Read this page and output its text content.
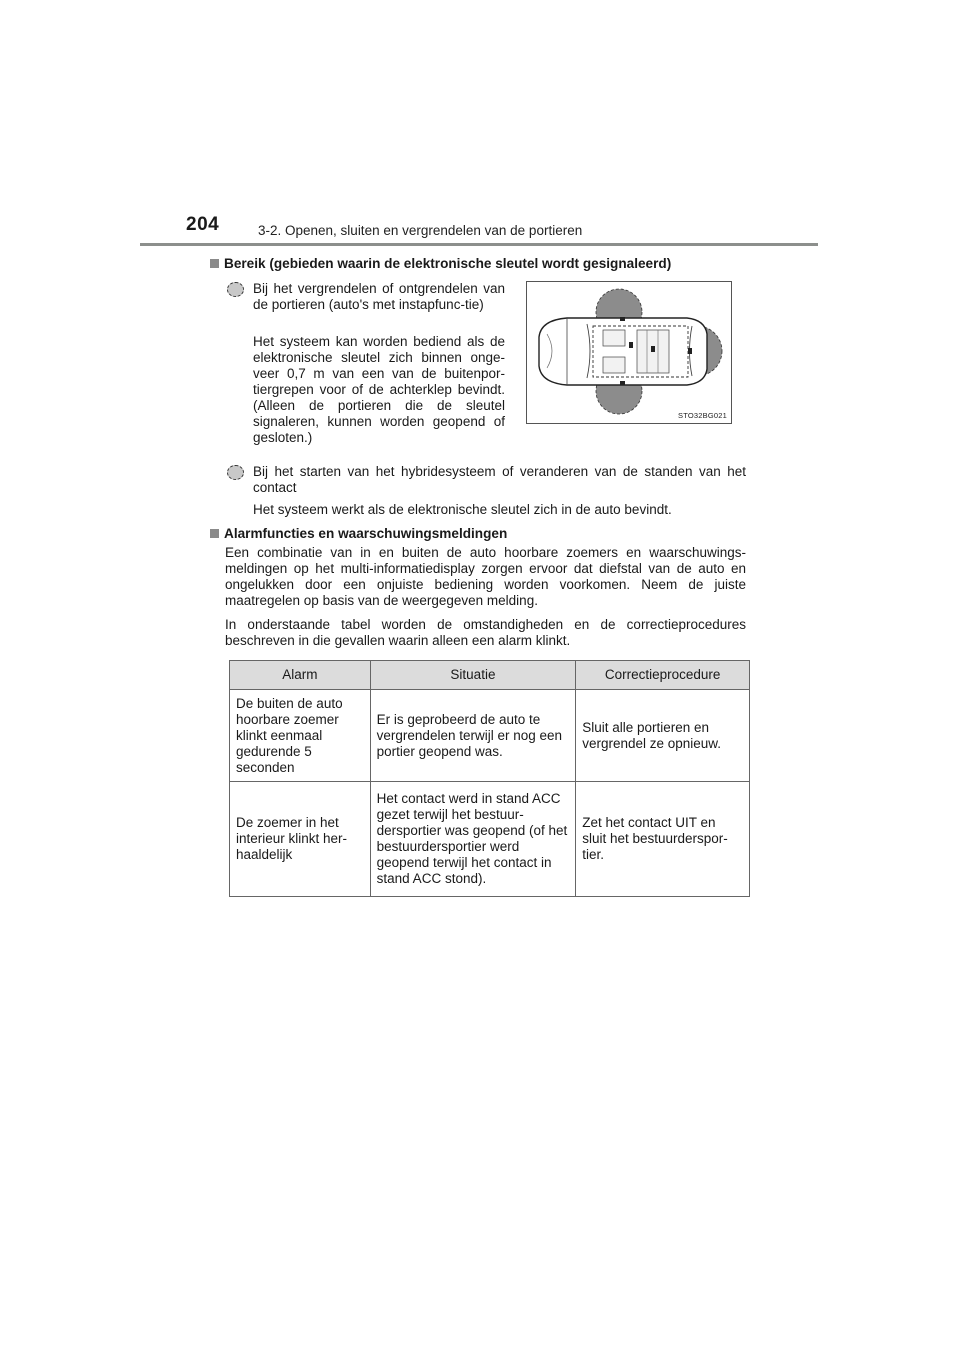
204	3-2. Openen, sluiten en vergrendelen van de portieren
Bereik (gebieden waarin de elektronische sleutel wordt gesignaleerd)

Bij het vergrendelen of ontgrendelen van de portieren (auto's met instapfunc-tie)

Het systeem kan worden bediend als de elektronische sleutel zich binnen onge-veer 0,7 m van een van de buitenpor-tiergrepen voor of de achterklep bevindt. (Alleen de portieren die de sleutel signaleren, kunnen worden geopend of gesloten.)

STO32BG021

Bij het starten van het hybridesysteem of veranderen van de standen van het contact

Het systeem werkt als de elektronische sleutel zich in de auto bevindt.

Alarmfuncties en waarschuwingsmeldingen

Een combinatie van in en buiten de auto hoorbare zoemers en waarschuwings-meldingen op het multi-informatiedisplay zorgen ervoor dat diefstal van de auto en ongelukken door een onjuiste bediening worden voorkomen. Neem de juiste maatregelen op basis van de weergegeven melding.

In onderstaande tabel worden de omstandigheden en de correctieprocedures beschreven in die gevallen waarin alleen een alarm klinkt.

Alarm	Situatie	Correctieprocedure
De buiten de auto hoorbare zoemer klinkt eenmaal gedurende 5 seconden	Er is geprobeerd de auto te vergrendelen terwijl er nog een portier geopend was.	Sluit alle portieren en vergrendel ze opnieuw.
De zoemer in het interieur klinkt her-haaldelijk	Het contact werd in stand ACC gezet terwijl het bestuur-dersportier was geopend (of het bestuurdersportier werd geopend terwijl het contact in stand ACC stond).	Zet het contact UIT en sluit het bestuurderspor-tier.
